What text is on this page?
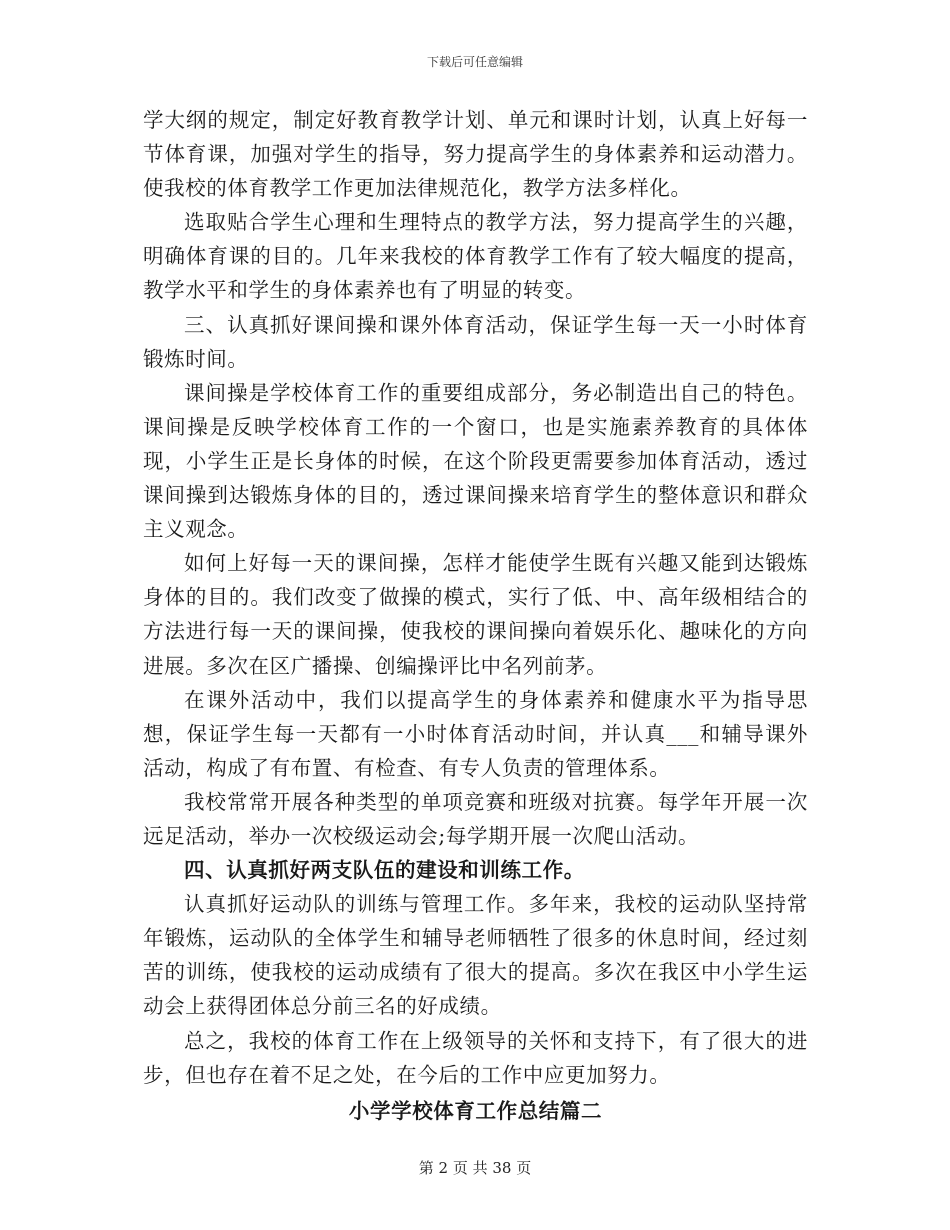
下载后可任意编辑

学大纲的规定，制定好教育教学计划、单元和课时计划，认真上好每一节体育课，加强对学生的指导，努力提高学生的身体素养和运动潜力。使我校的体育教学工作更加法律规范化，教学方法多样化。

选取贴合学生心理和生理特点的教学方法，努力提高学生的兴趣，明确体育课的目的。几年来我校的体育教学工作有了较大幅度的提高，教学水平和学生的身体素养也有了明显的转变。

三、认真抓好课间操和课外体育活动，保证学生每一天一小时体育锻炼时间。

课间操是学校体育工作的重要组成部分，务必制造出自己的特色。课间操是反映学校体育工作的一个窗口，也是实施素养教育的具体体现，小学生正是长身体的时候，在这个阶段更需要参加体育活动，透过课间操到达锻炼身体的目的，透过课间操来培育学生的整体意识和群众主义观念。

如何上好每一天的课间操，怎样才能使学生既有兴趣又能到达锻炼身体的目的。我们改变了做操的模式，实行了低、中、高年级相结合的方法进行每一天的课间操，使我校的课间操向着娱乐化、趣味化的方向进展。多次在区广播操、创编操评比中名列前茅。

在课外活动中，我们以提高学生的身体素养和健康水平为指导思想，保证学生每一天都有一小时体育活动时间，并认真___和辅导课外活动，构成了有布置、有检查、有专人负责的管理体系。

我校常常开展各种类型的单项竞赛和班级对抗赛。每学年开展一次远足活动，举办一次校级运动会;每学期开展一次爬山活动。

四、认真抓好两支队伍的建设和训练工作。

认真抓好运动队的训练与管理工作。多年来，我校的运动队坚持常年锻炼，运动队的全体学生和辅导老师牺牲了很多的休息时间，经过刻苦的训练，使我校的运动成绩有了很大的提高。多次在我区中小学生运动会上获得团体总分前三名的好成绩。

总之，我校的体育工作在上级领导的关怀和支持下，有了很大的进步，但也存在着不足之处，在今后的工作中应更加努力。

小学学校体育工作总结篇二

第 2 页 共 38 页
